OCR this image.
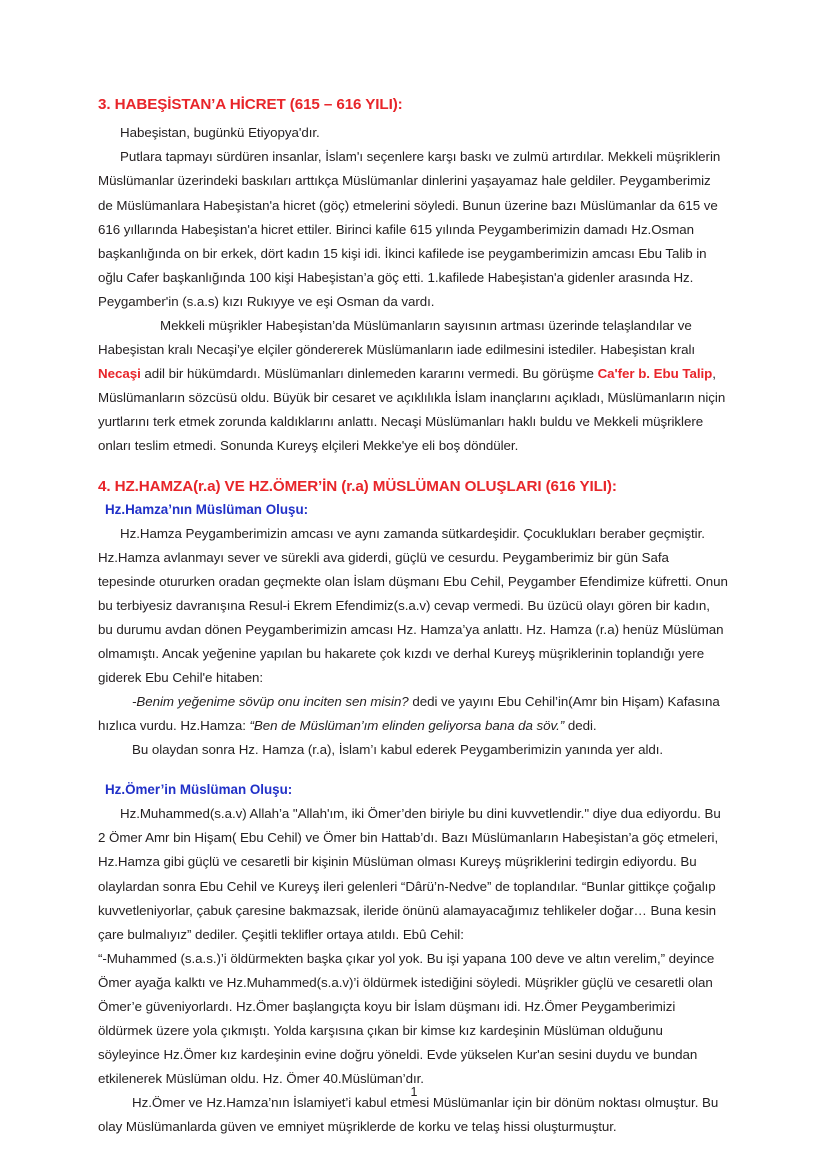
3. HABEŞİSTAN’A HİCRET (615 – 616 YILI):

Habeşistan, bugünkü Etiyopya'dır.

Putlara tapmayı sürdüren insanlar, İslam'ı seçenlere karşı baskı ve zulmü artırdılar. Mekkeli müşriklerin Müslümanlar üzerindeki baskıları arttıkça Müslümanlar dinlerini yaşayamaz hale geldiler. Peygamberimiz de Müslümanlara Habeşistan'a hicret (göç) etmelerini söyledi. Bunun üzerine bazı Müslümanlar da 615 ve 616 yıllarında Habeşistan'a hicret ettiler. Birinci kafile 615 yılında Peygamberimizin damadı Hz.Osman başkanlığında on bir erkek, dört kadın 15 kişi idi. İkinci kafilede ise peygamberimizin amcası Ebu Talib in oğlu Cafer başkanlığında 100 kişi Habeşistan’a göç etti. 1.kafilede Habeşistan'a gidenler arasında Hz. Peygamber'in (s.a.s) kızı Rukıyye ve eşi Osman da vardı.

Mekkeli müşrikler Habeşistan’da Müslümanların sayısının artması üzerinde telaşlandılar ve Habeşistan kralı Necaşi’ye elçiler göndererek Müslümanların iade edilmesini istediler. Habeşistan kralı Necaşi adil bir hükümdardı. Müslümanları dinlemeden kararını vermedi. Bu görüşme Ca'fer b. Ebu Talip, Müslümanların sözcüsü oldu. Büyük bir cesaret ve açıklılıkla İslam inançlarını açıkladı, Müslümanların niçin yurtlarını terk etmek zorunda kaldıklarını anlattı. Necaşi Müslümanları haklı buldu ve Mekkeli müşriklere onları teslim etmedi. Sonunda Kureyş elçileri Mekke'ye eli boş döndüler.

4. HZ.HAMZA(r.a) VE HZ.ÖMER’İN (r.a) MÜSLÜMAN OLUŞLARI (616 YILI):
Hz.Hamza’nın Müslüman Oluşu:

Hz.Hamza Peygamberimizin amcası ve aynı zamanda sütkardeşidir. Çocuklukları beraber geçmiştir. Hz.Hamza avlanmayı sever ve sürekli ava giderdi, güçlü ve cesurdu. Peygamberimiz bir gün Safa tepesinde otururken oradan geçmekte olan İslam düşmanı Ebu Cehil, Peygamber Efendimize küfretti. Onun bu terbiyesiz davranışına Resul-i Ekrem Efendimiz(s.a.v) cevap vermedi. Bu üzücü olayı gören bir kadın, bu durumu avdan dönen Peygamberimizin amcası Hz. Hamza’ya anlattı. Hz. Hamza (r.a) henüz Müslüman olmamıştı. Ancak yeğenine yapılan bu hakarete çok kızdı ve derhal Kureyş müşriklerinin toplandığı yere giderek Ebu Cehil'e hitaben:

-Benim yeğenime sövüp onu inciten sen misin? dedi ve yayını Ebu Cehil’in(Amr bin Hişam) Kafasına hızlıca vurdu. Hz.Hamza: “Ben de Müslüman’ım elinden geliyorsa bana da söv.” dedi.

Bu olaydan sonra Hz. Hamza (r.a), İslam’ı kabul ederek Peygamberimizin yanında yer aldı.

Hz.Ömer’in Müslüman Oluşu:

Hz.Muhammed(s.a.v) Allah’a "Allah'ım, iki Ömer’den biriyle bu dini kuvvetlendir." diye dua ediyordu. Bu 2 Ömer Amr bin Hişam( Ebu Cehil) ve Ömer bin Hattab’dı. Bazı Müslümanların Habeşistan’a göç etmeleri, Hz.Hamza gibi güçlü ve cesaretli bir kişinin Müslüman olması Kureyş müşriklerini tedirgin ediyordu. Bu olaylardan sonra Ebu Cehil ve Kureyş ileri gelenleri “Dârü’n-Nedve” de toplandılar. “Bunlar gittikçe çoğalıp kuvvetleniyorlar, çabuk çaresine bakmazsak, ileride önünü alamayacağımız tehlikeler doğar… Buna kesin çare bulmalıyız” dediler. Çeşitli teklifler ortaya atıldı. Ebû Cehil:

“-Muhammed (s.a.s.)’i öldürmekten başka çıkar yol yok. Bu işi yapana 100 deve ve altın verelim,” deyince Ömer ayağa kalktı ve Hz.Muhammed(s.a.v)’i öldürmek istediğini söyledi. Müşrikler güçlü ve cesaretli olan Ömer’e güveniyorlardı. Hz.Ömer başlangıçta koyu bir İslam düşmanı idi. Hz.Ömer Peygamberimizi öldürmek üzere yola çıkmıştı. Yolda karşısına çıkan bir kimse kız kardeşinin Müslüman olduğunu söyleyince Hz.Ömer kız kardeşinin evine doğru yöneldi. Evde yükselen Kur'an sesini duydu ve bundan etkilenerek Müslüman oldu. Hz. Ömer 40.Müslüman’dır.

Hz.Ömer ve Hz.Hamza’nın İslamiyet’i kabul etmesi Müslümanlar için bir dönüm noktası olmuştur. Bu olay Müslümanlarda güven ve emniyet müşriklerde de korku ve telaş hissi oluşturmuştur.

1
